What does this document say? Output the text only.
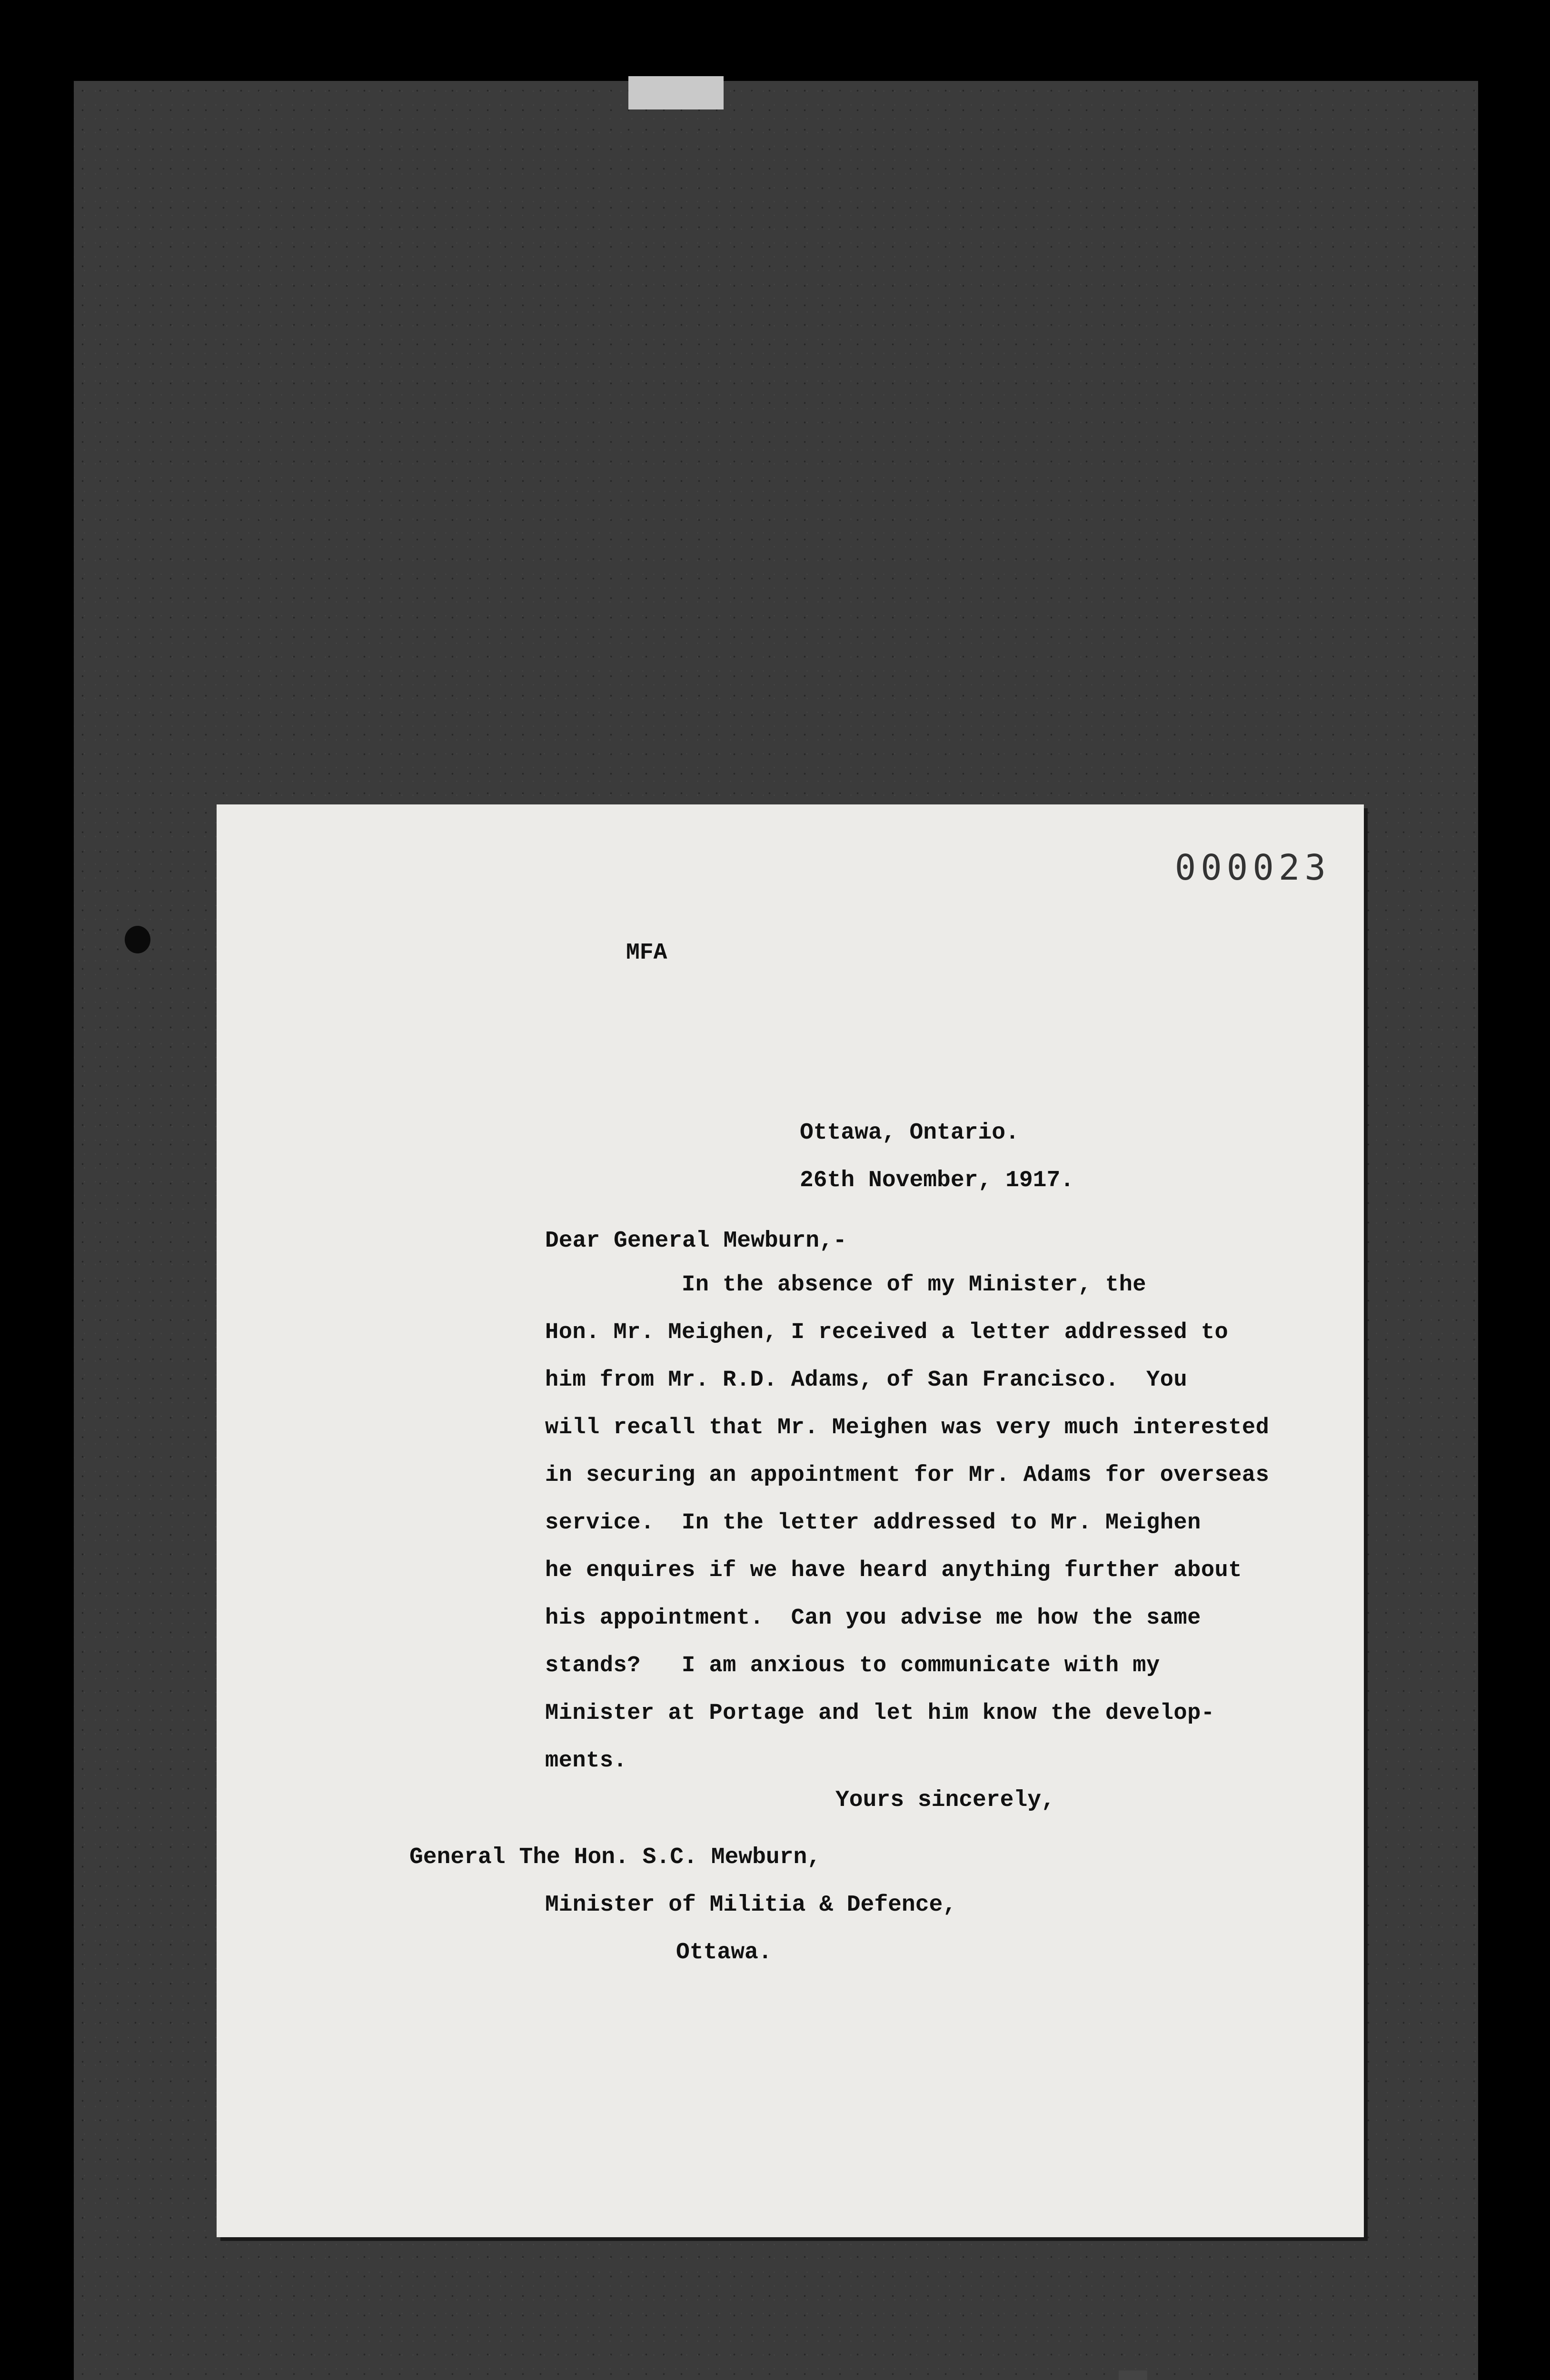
000023
MFA
Ottawa, Ontario.
26th November, 1917.
Dear General Mewburn,-
In the absence of my Minister, the
Hon. Mr. Meighen, I received a letter addressed to
him from Mr. R.D. Adams, of San Francisco.  You
will recall that Mr. Meighen was very much interested
in securing an appointment for Mr. Adams for overseas
service.  In the letter addressed to Mr. Meighen
he enquires if we have heard anything further about
his appointment.  Can you advise me how the same
stands?   I am anxious to communicate with my
Minister at Portage and let him know the develop-
ments.
Yours sincerely,
General The Hon. S.C. Mewburn,
Minister of Militia & Defence,
Ottawa.
